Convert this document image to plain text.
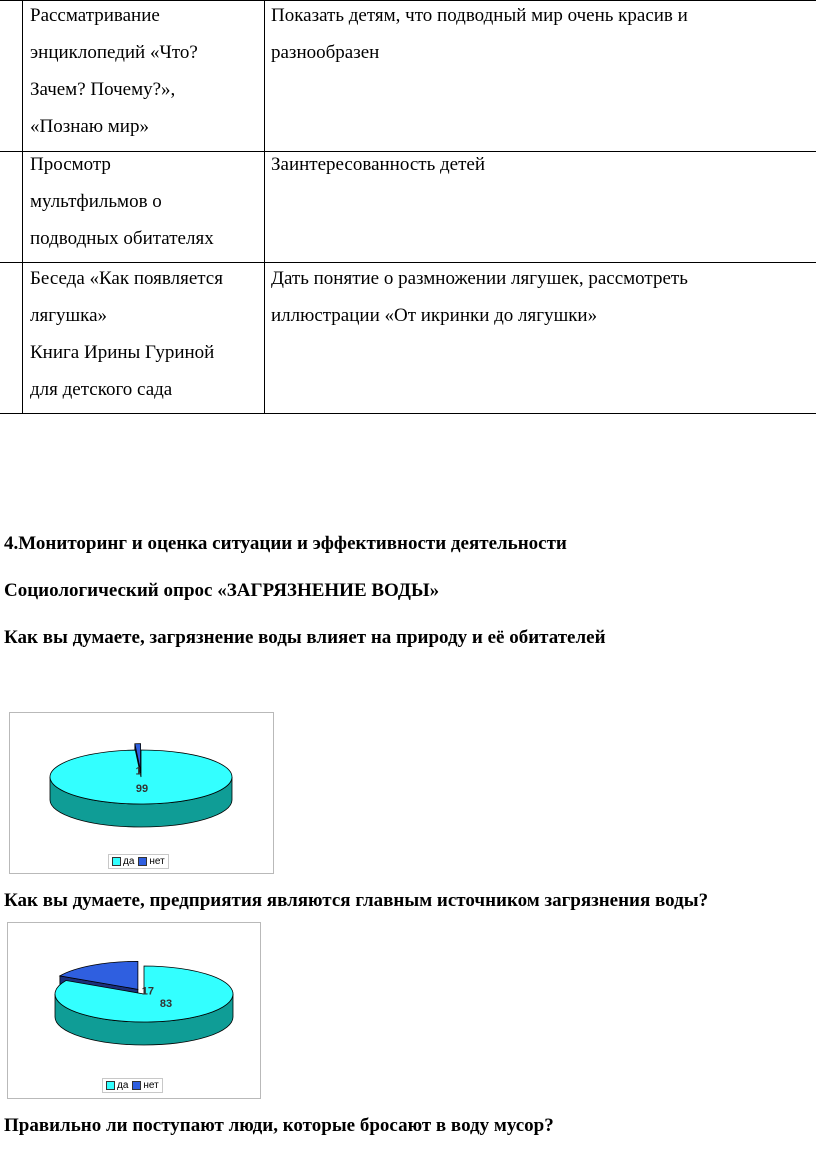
Рассматривание
энциклопедий «Что?
Зачем? Почему?»,
«Познаю мир»
Показать детям, что подводный мир очень красив и
разнообразен
Просмотр
мультфильмов о
подводных обитателях
Заинтересованность детей
Беседа «Как появляется
лягушка»
Книга Ирины Гуриной
для детского сада
Дать понятие о размножении лягушек, рассмотреть
иллюстрации «От икринки до лягушки»
4.Мониторинг и оценка ситуации и эффективности деятельности
Социологический опрос «ЗАГРЯЗНЕНИЕ ВОДЫ»
Как вы думаете, загрязнение воды влияет на природу и её обитателей
99
1
да нет
Как вы думаете, предприятия являются главным источником загрязнения воды?
83
17
да нет
Правильно ли поступают люди, которые бросают в воду мусор?
